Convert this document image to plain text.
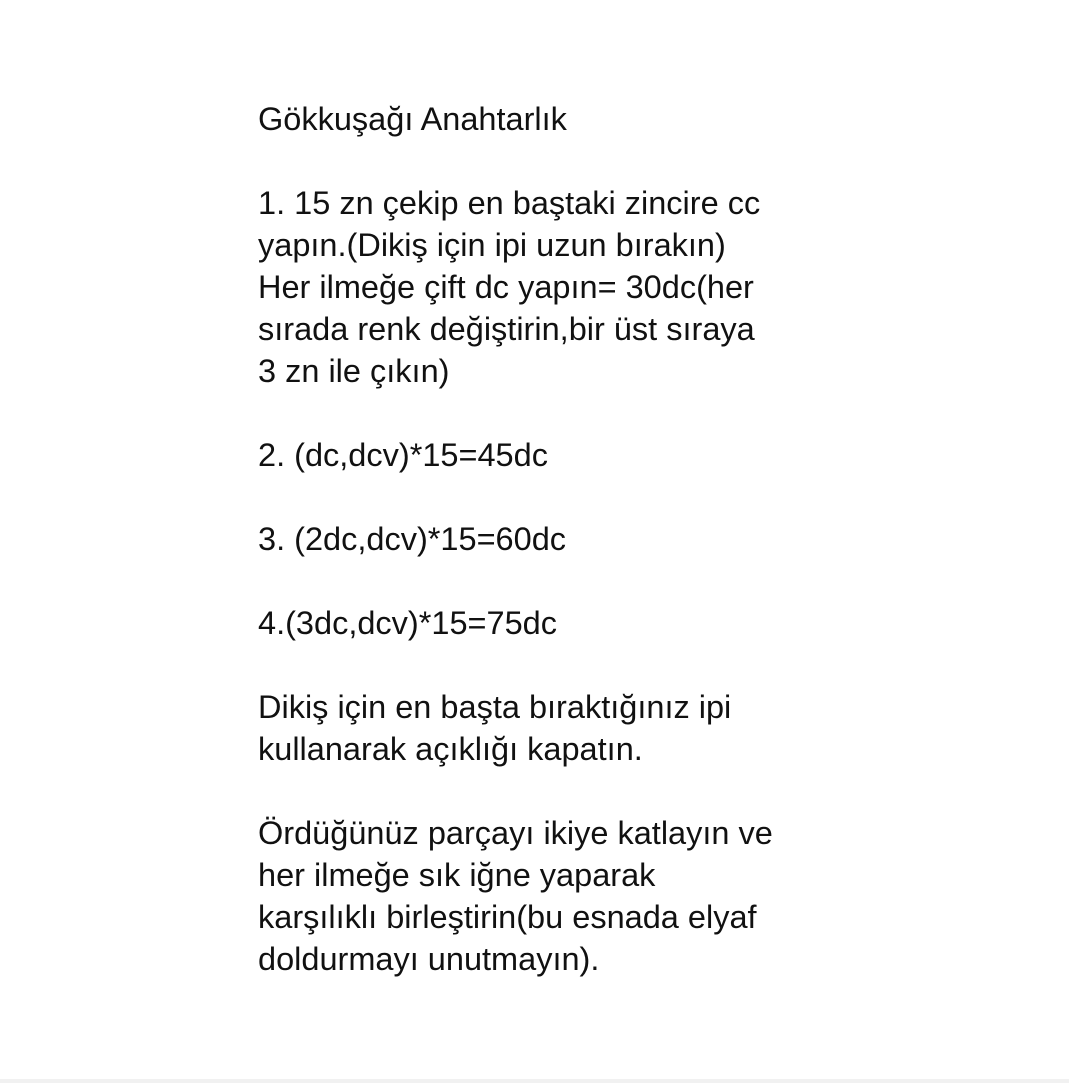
Gökkuşağı Anahtarlık

1. 15 zn çekip en baştaki zincire cc
yapın.(Dikiş için ipi uzun bırakın)
Her ilmeğe çift dc yapın= 30dc(her
sırada renk değiştirin,bir üst sıraya
3 zn ile çıkın)

2. (dc,dcv)*15=45dc

3. (2dc,dcv)*15=60dc

4.(3dc,dcv)*15=75dc

Dikiş için en başta bıraktığınız ipi
kullanarak açıklığı kapatın.

Ördüğünüz parçayı ikiye katlayın ve
her ilmeğe sık iğne yaparak
karşılıklı birleştirin(bu esnada elyaf
doldurmayı unutmayın).
